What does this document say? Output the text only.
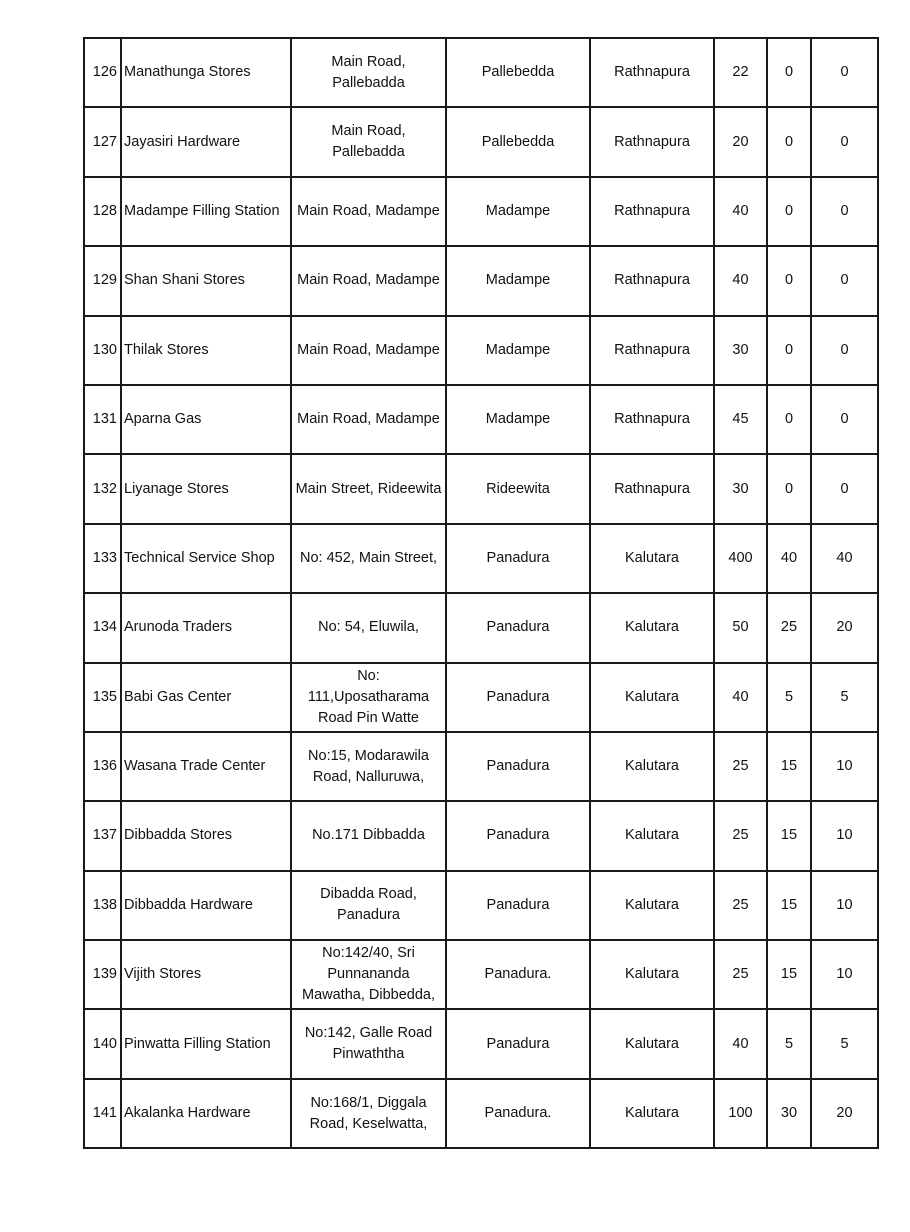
126	Manathunga Stores	Main Road, Pallebadda	Pallebedda	Rathnapura	22	0	0
127	Jayasiri Hardware	Main Road, Pallebadda	Pallebedda	Rathnapura	20	0	0
128	Madampe Filling Station	Main Road, Madampe	Madampe	Rathnapura	40	0	0
129	Shan Shani Stores	Main Road, Madampe	Madampe	Rathnapura	40	0	0
130	Thilak Stores	Main Road, Madampe	Madampe	Rathnapura	30	0	0
131	Aparna Gas	Main Road, Madampe	Madampe	Rathnapura	45	0	0
132	Liyanage Stores	Main Street, Rideewita	Rideewita	Rathnapura	30	0	0
133	Technical Service Shop	No: 452, Main Street,	Panadura	Kalutara	400	40	40
134	Arunoda Traders	No: 54, Eluwila,	Panadura	Kalutara	50	25	20
135	Babi Gas Center	No: 111,Uposatharama Road Pin Watte	Panadura	Kalutara	40	5	5
136	Wasana Trade Center	No:15, Modarawila Road, Nalluruwa,	Panadura	Kalutara	25	15	10
137	Dibbadda Stores	No.171 Dibbadda	Panadura	Kalutara	25	15	10
138	Dibbadda Hardware	Dibadda Road, Panadura	Panadura	Kalutara	25	15	10
139	Vijith Stores	No:142/40, Sri Punnananda Mawatha, Dibbedda,	Panadura.	Kalutara	25	15	10
140	Pinwatta Filling Station	No:142, Galle Road Pinwaththa	Panadura	Kalutara	40	5	5
141	Akalanka Hardware	No:168/1, Diggala Road, Keselwatta,	Panadura.	Kalutara	100	30	20
